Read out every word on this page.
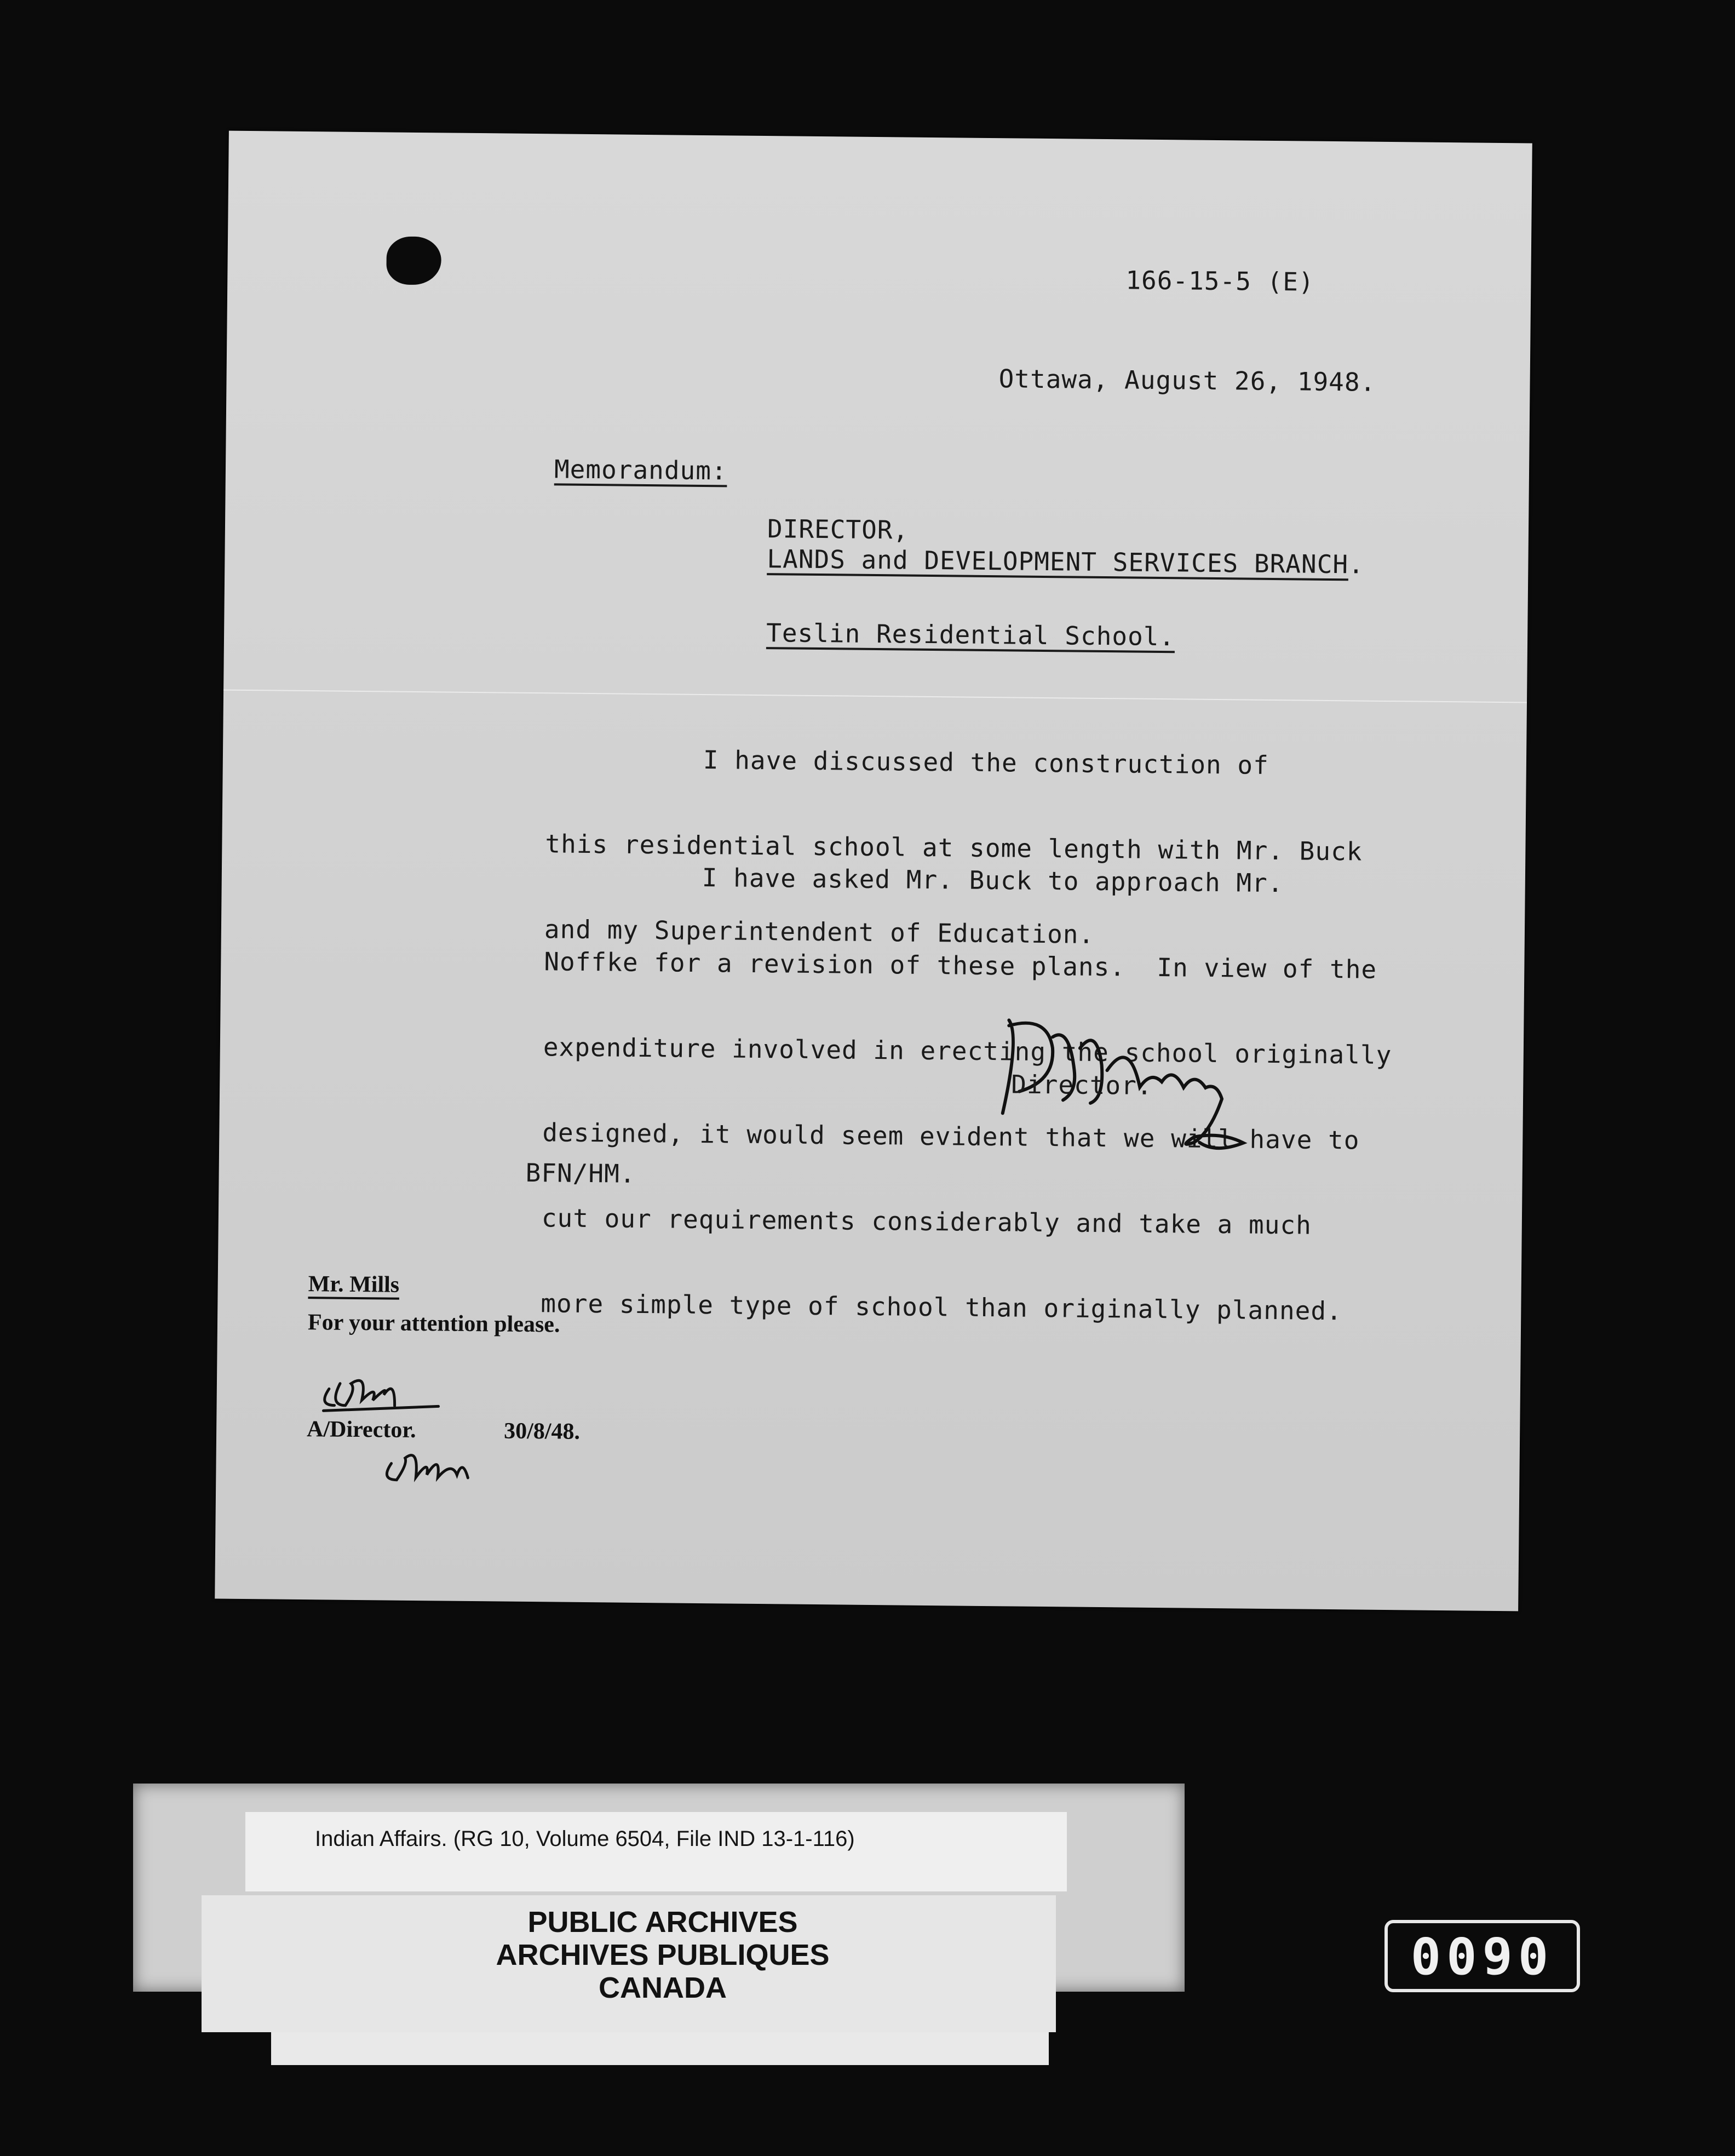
166-15-5 (E)
Ottawa, August 26, 1948.
Memorandum:
DIRECTOR,
LANDS and DEVELOPMENT SERVICES BRANCH.
Teslin Residential School.

I have discussed the construction of

this residential school at some length with Mr. Buck

and my Superintendent of Education.

I have asked Mr. Buck to approach Mr.

Noffke for a revision of these plans.  In view of the

expenditure involved in erecting the school originally

designed, it would seem evident that we will have to

cut our requirements considerably and take a much

more simple type of school than originally planned.

Director.
BFN/HM.
Mr. Mills
For your attention please.
A/Director.	30/8/48.
Indian Affairs. (RG 10, Volume 6504, File IND 13-1-116)
PUBLIC ARCHIVES
ARCHIVES PUBLIQUES
CANADA
0090
